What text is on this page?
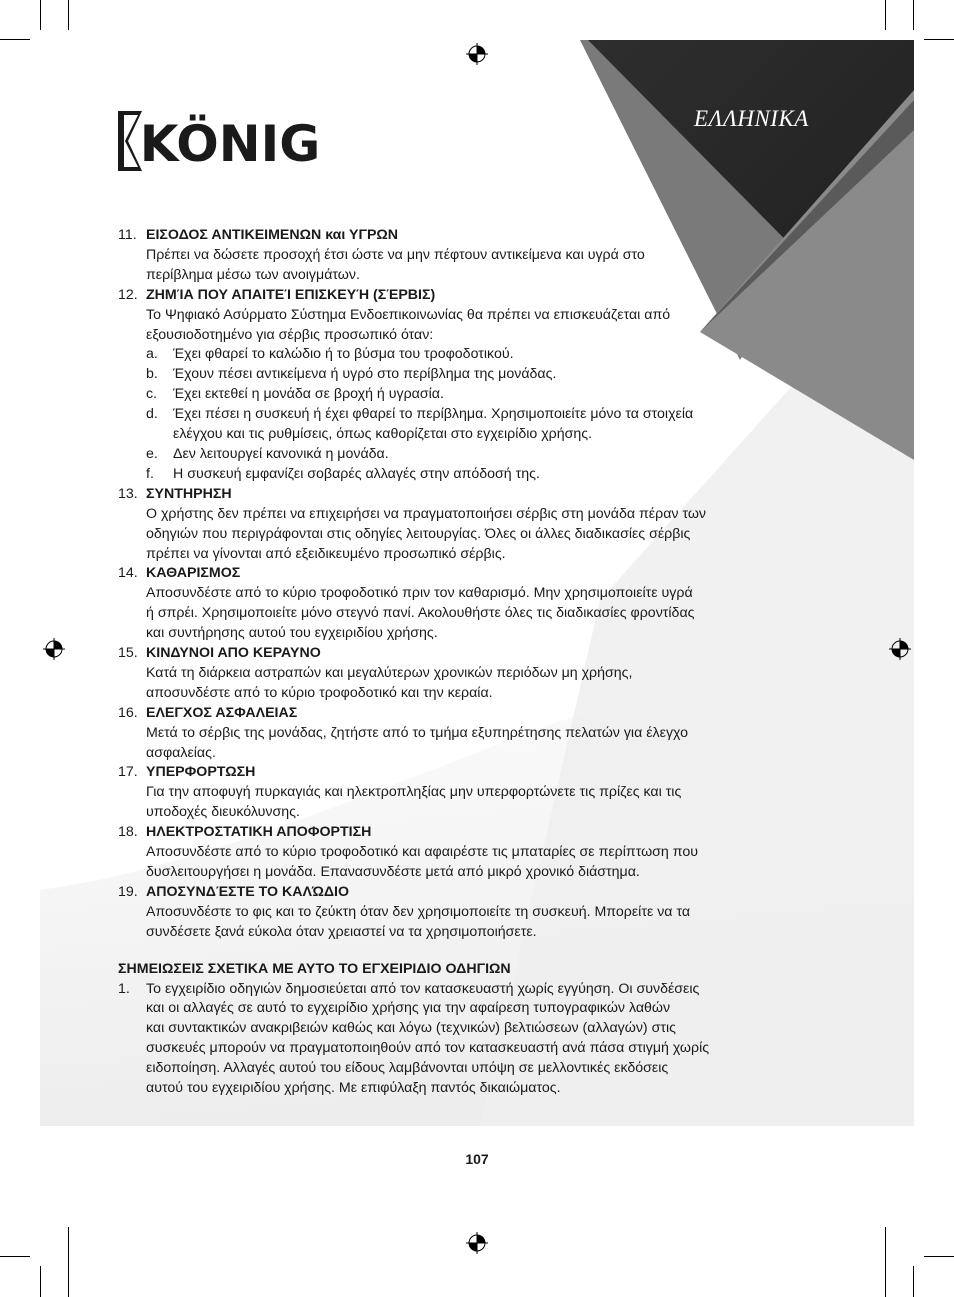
KÖNIG	ΕΛΛΗΝΙΚΑ
11. ΕΙΣΟΔΟΣ ΑΝΤΙΚΕΙΜΕΝΩΝ και ΥΓΡΩΝ
Πρέπει να δώσετε προσοχή έτσι ώστε να μην πέφτουν αντικείμενα και υγρά στο
περίβλημα μέσω των ανοιγμάτων.
12. ΖΗΜΊΑ ΠΟΥ ΑΠΑΙΤΕΊ ΕΠΙΣΚΕΥΉ (ΣΈΡΒΙΣ)
Το Ψηφιακό Ασύρματο Σύστημα Ενδοεπικοινωνίας θα πρέπει να επισκευάζεται από
εξουσιοδοτημένο για σέρβις προσωπικό όταν:
a. Έχει φθαρεί το καλώδιο ή το βύσμα του τροφοδοτικού.
b. Έχουν πέσει αντικείμενα ή υγρό στο περίβλημα της μονάδας.
c. Έχει εκτεθεί η μονάδα σε βροχή ή υγρασία.
d. Έχει πέσει η συσκευή ή έχει φθαρεί το περίβλημα. Χρησιμοποιείτε μόνο τα στοιχεία
ελέγχου και τις ρυθμίσεις, όπως καθορίζεται στο εγχειρίδιο χρήσης.
e. Δεν λειτουργεί κανονικά η μονάδα.
f. Η συσκευή εμφανίζει σοβαρές αλλαγές στην απόδοσή της.
13. ΣΥΝΤΗΡΗΣΗ
Ο χρήστης δεν πρέπει να επιχειρήσει να πραγματοποιήσει σέρβις στη μονάδα πέραν των
οδηγιών που περιγράφονται στις οδηγίες λειτουργίας. Όλες οι άλλες διαδικασίες σέρβις
πρέπει να γίνονται από εξειδικευμένο προσωπικό σέρβις.
14. ΚΑΘΑΡΙΣΜΟΣ
Αποσυνδέστε από το κύριο τροφοδοτικό πριν τον καθαρισμό. Μην χρησιμοποιείτε υγρά
ή σπρέι. Χρησιμοποιείτε μόνο στεγνό πανί. Ακολουθήστε όλες τις διαδικασίες φροντίδας
και συντήρησης αυτού του εγχειριδίου χρήσης.
15. ΚΙΝΔΥΝΟΙ ΑΠΟ ΚΕΡΑΥΝΟ
Κατά τη διάρκεια αστραπών και μεγαλύτερων χρονικών περιόδων μη χρήσης,
αποσυνδέστε από το κύριο τροφοδοτικό και την κεραία.
16. ΕΛΕΓΧΟΣ ΑΣΦΑΛΕΙΑΣ
Μετά το σέρβις της μονάδας, ζητήστε από το τμήμα εξυπηρέτησης πελατών για έλεγχο
ασφαλείας.
17. ΥΠΕΡΦΟΡΤΩΣΗ
Για την αποφυγή πυρκαγιάς και ηλεκτροπληξίας μην υπερφορτώνετε τις πρίζες και τις
υποδοχές διευκόλυνσης.
18. ΗΛΕΚΤΡΟΣΤΑΤΙΚΗ ΑΠΟΦΟΡΤΙΣΗ
Αποσυνδέστε από το κύριο τροφοδοτικό και αφαιρέστε τις μπαταρίες σε περίπτωση που
δυσλειτουργήσει η μονάδα. Επανασυνδέστε μετά από μικρό χρονικό διάστημα.
19. ΑΠΟΣΥΝΔΈΣΤΕ ΤΟ ΚΑΛΏΔΙΟ
Αποσυνδέστε το φις και το ζεύκτη όταν δεν χρησιμοποιείτε τη συσκευή. Μπορείτε να τα
συνδέσετε ξανά εύκολα όταν χρειαστεί να τα χρησιμοποιήσετε.
ΣΗΜΕΙΩΣΕΙΣ ΣΧΕΤΙΚΑ ΜΕ ΑΥΤΟ ΤΟ ΕΓΧΕΙΡΙΔΙΟ ΟΔΗΓΙΩΝ
1. Το εγχειρίδιο οδηγιών δημοσιεύεται από τον κατασκευαστή χωρίς εγγύηση. Οι συνδέσεις
και οι αλλαγές σε αυτό το εγχειρίδιο χρήσης για την αφαίρεση τυπογραφικών λαθών
και συντακτικών ανακριβειών καθώς και λόγω (τεχνικών) βελτιώσεων (αλλαγών) στις
συσκευές μπορούν να πραγματοποιηθούν από τον κατασκευαστή ανά πάσα στιγμή χωρίς
ειδοποίηση. Αλλαγές αυτού του είδους λαμβάνονται υπόψη σε μελλοντικές εκδόσεις
αυτού του εγχειριδίου χρήσης. Με επιφύλαξη παντός δικαιώματος.
107
